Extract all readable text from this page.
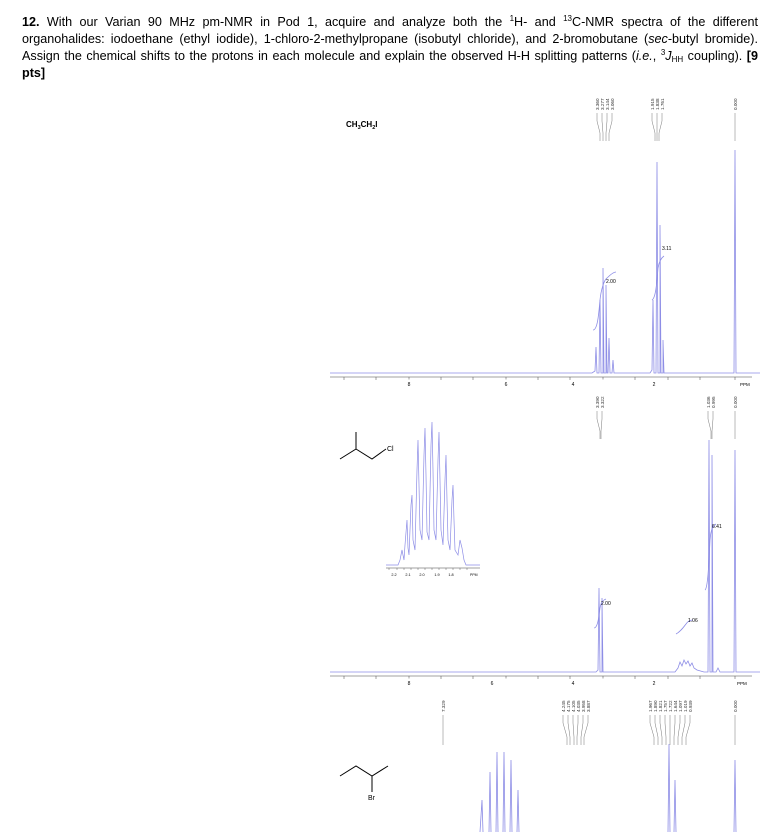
12. With our Varian 90 MHz pm-NMR in Pod 1, acquire and analyze both the $^1$H- and $^{13}$C-NMR spectra of the different organohalides: iodoethane (ethyl iodide), 1-chloro-2-methylpropane (isobutyl chloride), and 2-bromobutane (sec-butyl bromide). Assign the chemical shifts to the protons in each molecule and explain the observed H-H splitting patterns (i.e., $^3J_{HH}$ coupling). [9 pts]
$CH_3CH_2I$
3.360 3.277 3.144 3.060	1.915 1.838 1.761	0.000
2.00
3.11
8	6	4	2	PPM
3.390 3.322	1.036 0.995	0.000
Cl
2.2 2.1 2.0	1.9 1.8	PPM
2.00
1.06
6.41
8	6	4	2	PPM
7.329	4.245 4.175 4.105 4.035 3.958 3.887	1.967 1.890 1.821 1.757 1.722 1.644 1.097 1.019 0.939	0.000
Br
